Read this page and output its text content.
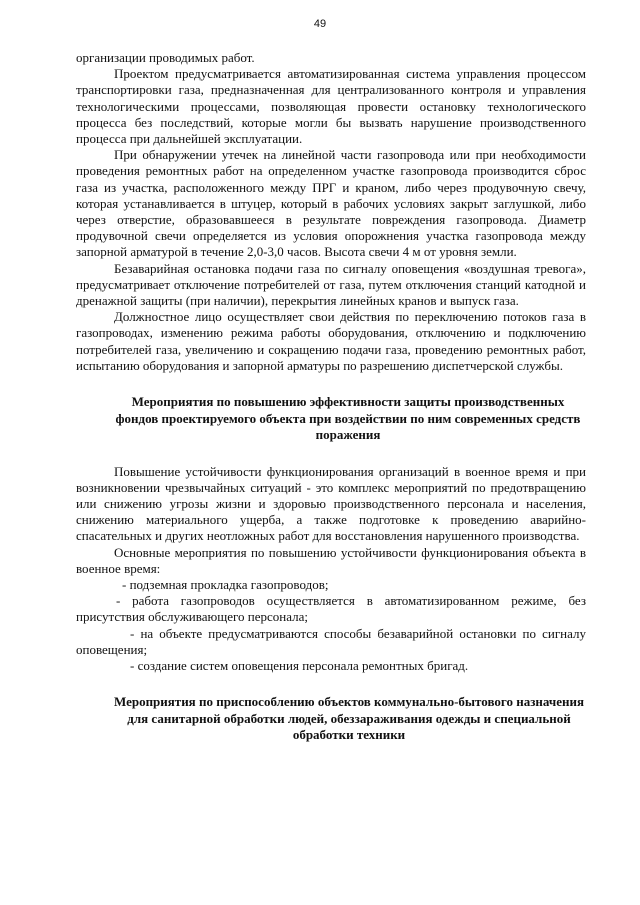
49

организации проводимых работ.

Проектом предусматривается автоматизированная система управления процессом транспортировки газа, предназначенная для централизованного контроля и управления технологическими процессами, позволяющая провести остановку технологического процесса без последствий, которые могли бы вызвать нарушение производственного процесса при дальнейшей эксплуатации.

При обнаружении утечек на линейной части газопровода или при необходимости проведения ремонтных работ на определенном участке газопровода производится сброс газа из участка, расположенного между ПРГ и краном, либо через продувочную свечу, которая устанавливается в штуцер, который в рабочих условиях закрыт заглушкой, либо через отверстие, образовавшееся в результате повреждения газопровода. Диаметр продувочной свечи определяется из условия опорожнения участка газопровода между запорной арматурой в течение 2,0-3,0 часов. Высота свечи 4 м от уровня земли.

Безаварийная остановка подачи газа по сигналу оповещения «воздушная тревога», предусматривает отключение потребителей от газа, путем отключения станций катодной и дренажной защиты (при наличии), перекрытия линейных кранов и выпуск газа.

Должностное лицо осуществляет свои действия по переключению потоков газа в газопроводах, изменению режима работы оборудования, отключению и подключению потребителей газа, увеличению и сокращению подачи газа, проведению ремонтных работ, испытанию оборудования и запорной арматуры по разрешению диспетчерской службы.

Мероприятия по повышению эффективности защиты производственных фондов проектируемого объекта при воздействии по ним современных средств поражения

Повышение устойчивости функционирования организаций в военное время и при возникновении чрезвычайных ситуаций - это комплекс мероприятий по предотвращению или снижению угрозы жизни и здоровью производственного персонала и населения, снижению материального ущерба, а также подготовке к проведению аварийно-спасательных и других неотложных работ для восстановления нарушенного производства.

Основные мероприятия по повышению устойчивости функционирования объекта в военное время:

- подземная прокладка газопроводов;

- работа газопроводов осуществляется в автоматизированном режиме, без присутствия обслуживающего персонала;

- на объекте предусматриваются способы безаварийной остановки по сигналу оповещения;

- создание систем оповещения персонала ремонтных бригад.

Мероприятия по приспособлению объектов коммунально-бытового назначения для санитарной обработки людей, обеззараживания одежды и специальной обработки техники
